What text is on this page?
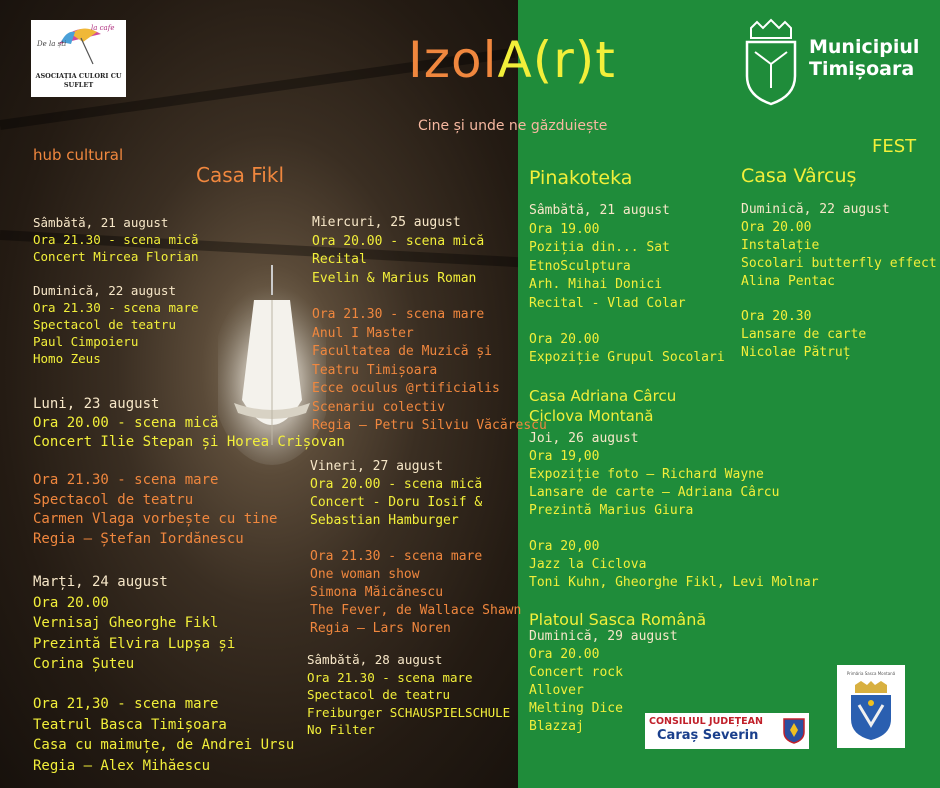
De la ști
la cafe
ASOCIAȚIA CULORI CU
SUFLET	IzolA(r)t
Cine și unde ne găzduiește
hub cultural	FEST
Municipiul
Timișoara
Casa Fikl
Sâmbătă, 21 august
Ora 21.30 - scena mică
Concert Mircea Florian
Duminică, 22 august
Ora 21.30 - scena mare
Spectacol de teatru
Paul Cimpoieru
Homo Zeus
Luni, 23 august
Ora 20.00 - scena mică
Concert Ilie Stepan și Horea Crișovan
Ora 21.30 - scena mare
Spectacol de teatru
Carmen Vlaga vorbește cu tine
Regia – Ștefan Iordănescu
Marți, 24 august
Ora 20.00
Vernisaj Gheorghe Fikl
Prezintă Elvira Lupșa și
Corina Șuteu
Ora 21,30 - scena mare
Teatrul Basca Timișoara
Casa cu maimuțe, de Andrei Ursu
Regia – Alex Mihăescu
Miercuri, 25 august
Ora 20.00 - scena mică
Recital
Evelin & Marius Roman
Ora 21.30 - scena mare
Anul I Master
Facultatea de Muzică și
Teatru Timișoara
Ecce oculus @rtificialis
Scenariu colectiv
Regia – Petru Silviu Văcărescu
Vineri, 27 august
Ora 20.00 - scena mică
Concert - Doru Iosif &
Sebastian Hamburger
Ora 21.30 - scena mare
One woman show
Simona Măicănescu
The Fever, de Wallace Shawn
Regia – Lars Noren
Sâmbătă, 28 august
Ora 21.30 - scena mare
Spectacol de teatru
Freiburger SCHAUSPIELSCHULE
No Filter
Pinakoteka
Sâmbătă, 21 august
Ora 19.00
Poziția din... Sat
EtnoSculptura
Arh. Mihai Donici
Recital - Vlad Colar
Ora 20.00
Expoziție Grupul Socolari
Casa Adriana Cârcu
Ciclova Montană
Joi, 26 august
Ora 19,00
Expoziție foto – Richard Wayne
Lansare de carte – Adriana Cârcu
Prezintă Marius Giura
Ora 20,00
Jazz la Ciclova
Toni Kuhn, Gheorghe Fikl, Levi Molnar
Platoul Sasca Română
Duminică, 29 august
Ora 20.00
Concert rock
Allover
Melting Dice
Blazzaj
Casa Vârcuș
Duminică, 22 august
Ora 20.00
Instalație
Socolari butterfly effect
Alina Pentac
Ora 20.30
Lansare de carte
Nicolae Pătruț
CONSILIUL JUDEȚEAN
Caraș Severin
Primăria Sasca Montană
